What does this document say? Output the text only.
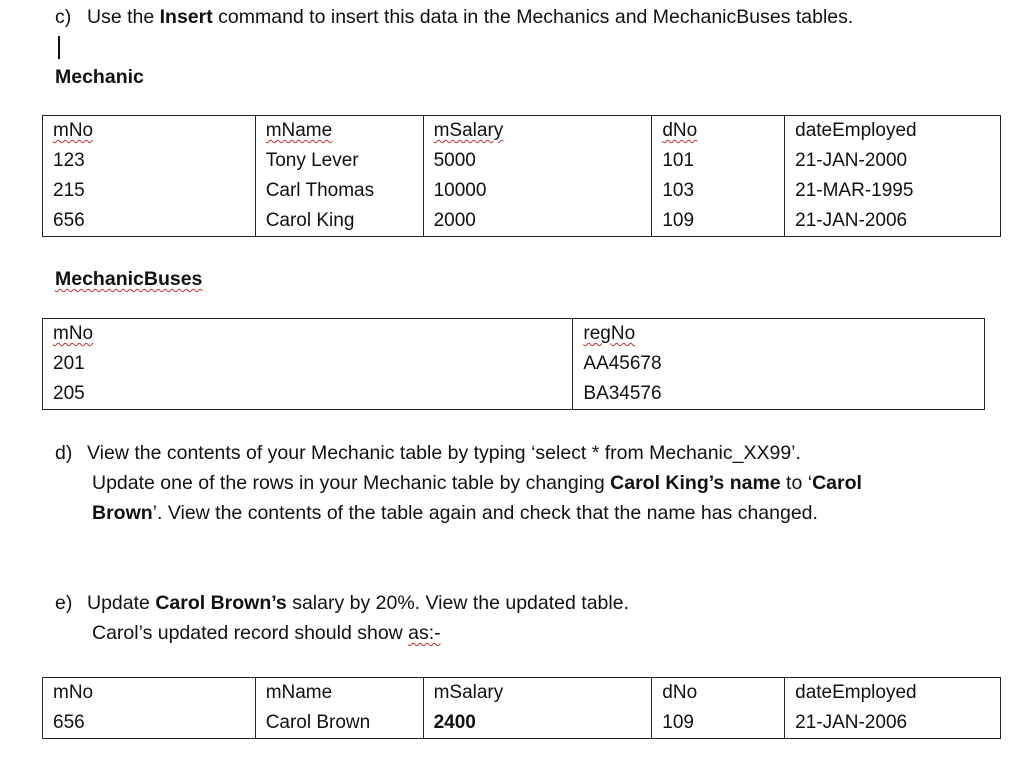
c) Use the Insert command to insert this data in the Mechanics and MechanicBuses tables.
Mechanic
mNo	mName	mSalary	dNo	dateEmployed
123	Tony Lever	5000	101	21-JAN-2000
215	Carl Thomas	10000	103	21-MAR-1995
656	Carol King	2000	109	21-JAN-2006
MechanicBuses
mNo	regNo
201	AA45678
205	BA34576
d) View the contents of your Mechanic table by typing ‘select * from Mechanic_XX99’.
Update one of the rows in your Mechanic table by changing Carol King’s name to ‘Carol
Brown’. View the contents of the table again and check that the name has changed.
e) Update Carol Brown’s salary by 20%. View the updated table.
Carol’s updated record should show as:-
mNo	mName	mSalary	dNo	dateEmployed
656	Carol Brown	2400	109	21-JAN-2006
